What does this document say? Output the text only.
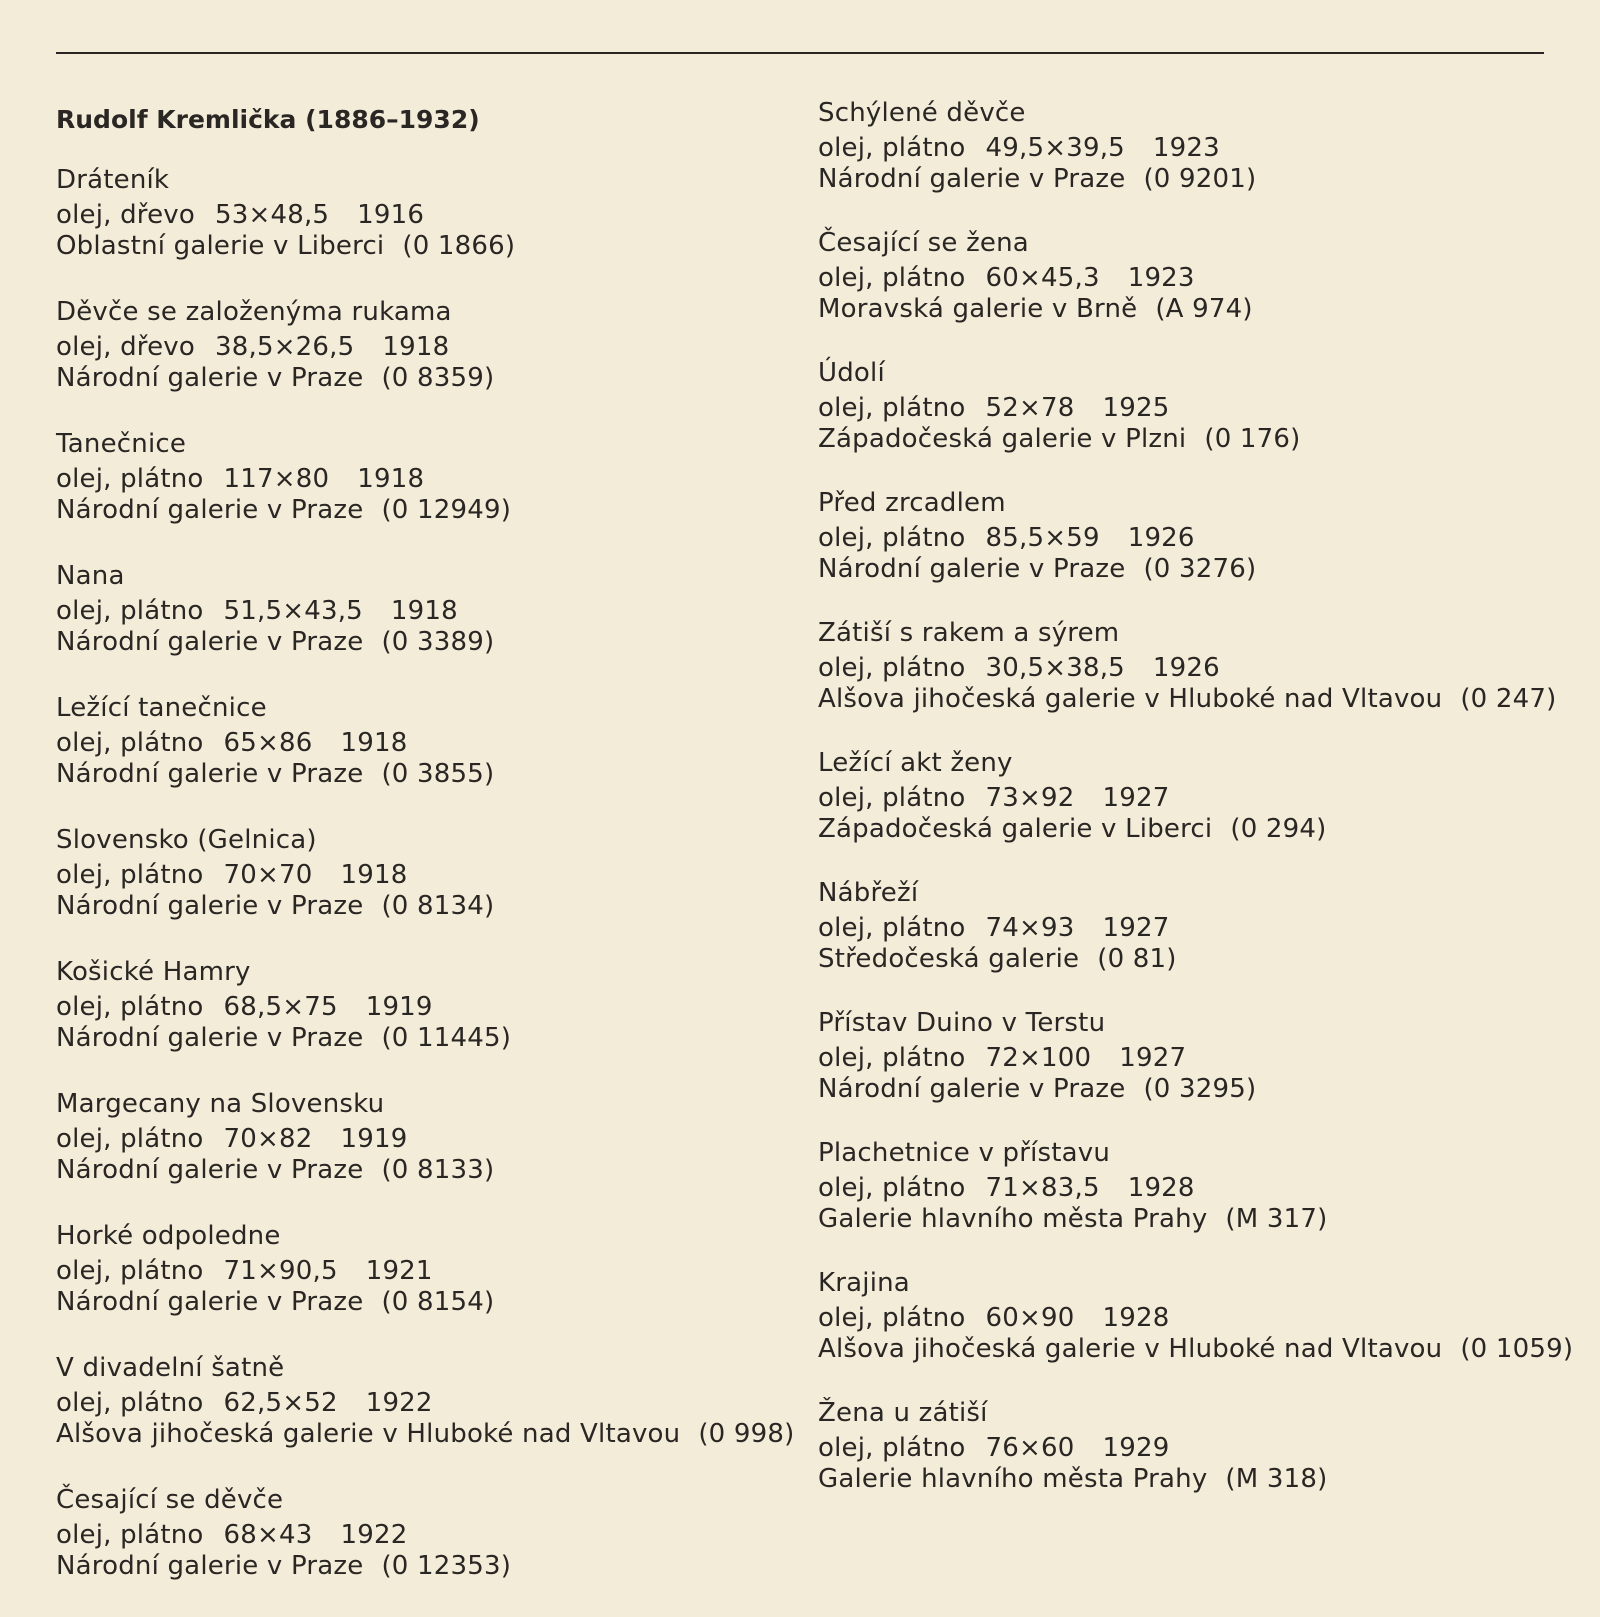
Rudolf Kremlička (1886–1932)
Dráteník
olej, dřevo 53×48,5 1916
Oblastní galerie v Liberci (0 1866)
Děvče se založenýma rukama
olej, dřevo 38,5×26,5 1918
Národní galerie v Praze (0 8359)
Tanečnice
olej, plátno 117×80 1918
Národní galerie v Praze (0 12949)
Nana
olej, plátno 51,5×43,5 1918
Národní galerie v Praze (0 3389)
Ležící tanečnice
olej, plátno 65×86 1918
Národní galerie v Praze (0 3855)
Slovensko (Gelnica)
olej, plátno 70×70 1918
Národní galerie v Praze (0 8134)
Košické Hamry
olej, plátno 68,5×75 1919
Národní galerie v Praze (0 11445)
Margecany na Slovensku
olej, plátno 70×82 1919
Národní galerie v Praze (0 8133)
Horké odpoledne
olej, plátno 71×90,5 1921
Národní galerie v Praze (0 8154)
V divadelní šatně
olej, plátno 62,5×52 1922
Alšova jihočeská galerie v Hluboké nad Vltavou (0 998)
Česající se děvče
olej, plátno 68×43 1922
Národní galerie v Praze (0 12353)
Schýlené děvče
olej, plátno 49,5×39,5 1923
Národní galerie v Praze (0 9201)
Česající se žena
olej, plátno 60×45,3 1923
Moravská galerie v Brně (A 974)
Údolí
olej, plátno 52×78 1925
Západočeská galerie v Plzni (0 176)
Před zrcadlem
olej, plátno 85,5×59 1926
Národní galerie v Praze (0 3276)
Zátiší s rakem a sýrem
olej, plátno 30,5×38,5 1926
Alšova jihočeská galerie v Hluboké nad Vltavou (0 247)
Ležící akt ženy
olej, plátno 73×92 1927
Západočeská galerie v Liberci (0 294)
Nábřeží
olej, plátno 74×93 1927
Středočeská galerie (0 81)
Přístav Duino v Terstu
olej, plátno 72×100 1927
Národní galerie v Praze (0 3295)
Plachetnice v přístavu
olej, plátno 71×83,5 1928
Galerie hlavního města Prahy (M 317)
Krajina
olej, plátno 60×90 1928
Alšova jihočeská galerie v Hluboké nad Vltavou (0 1059)
Žena u zátiší
olej, plátno 76×60 1929
Galerie hlavního města Prahy (M 318)
